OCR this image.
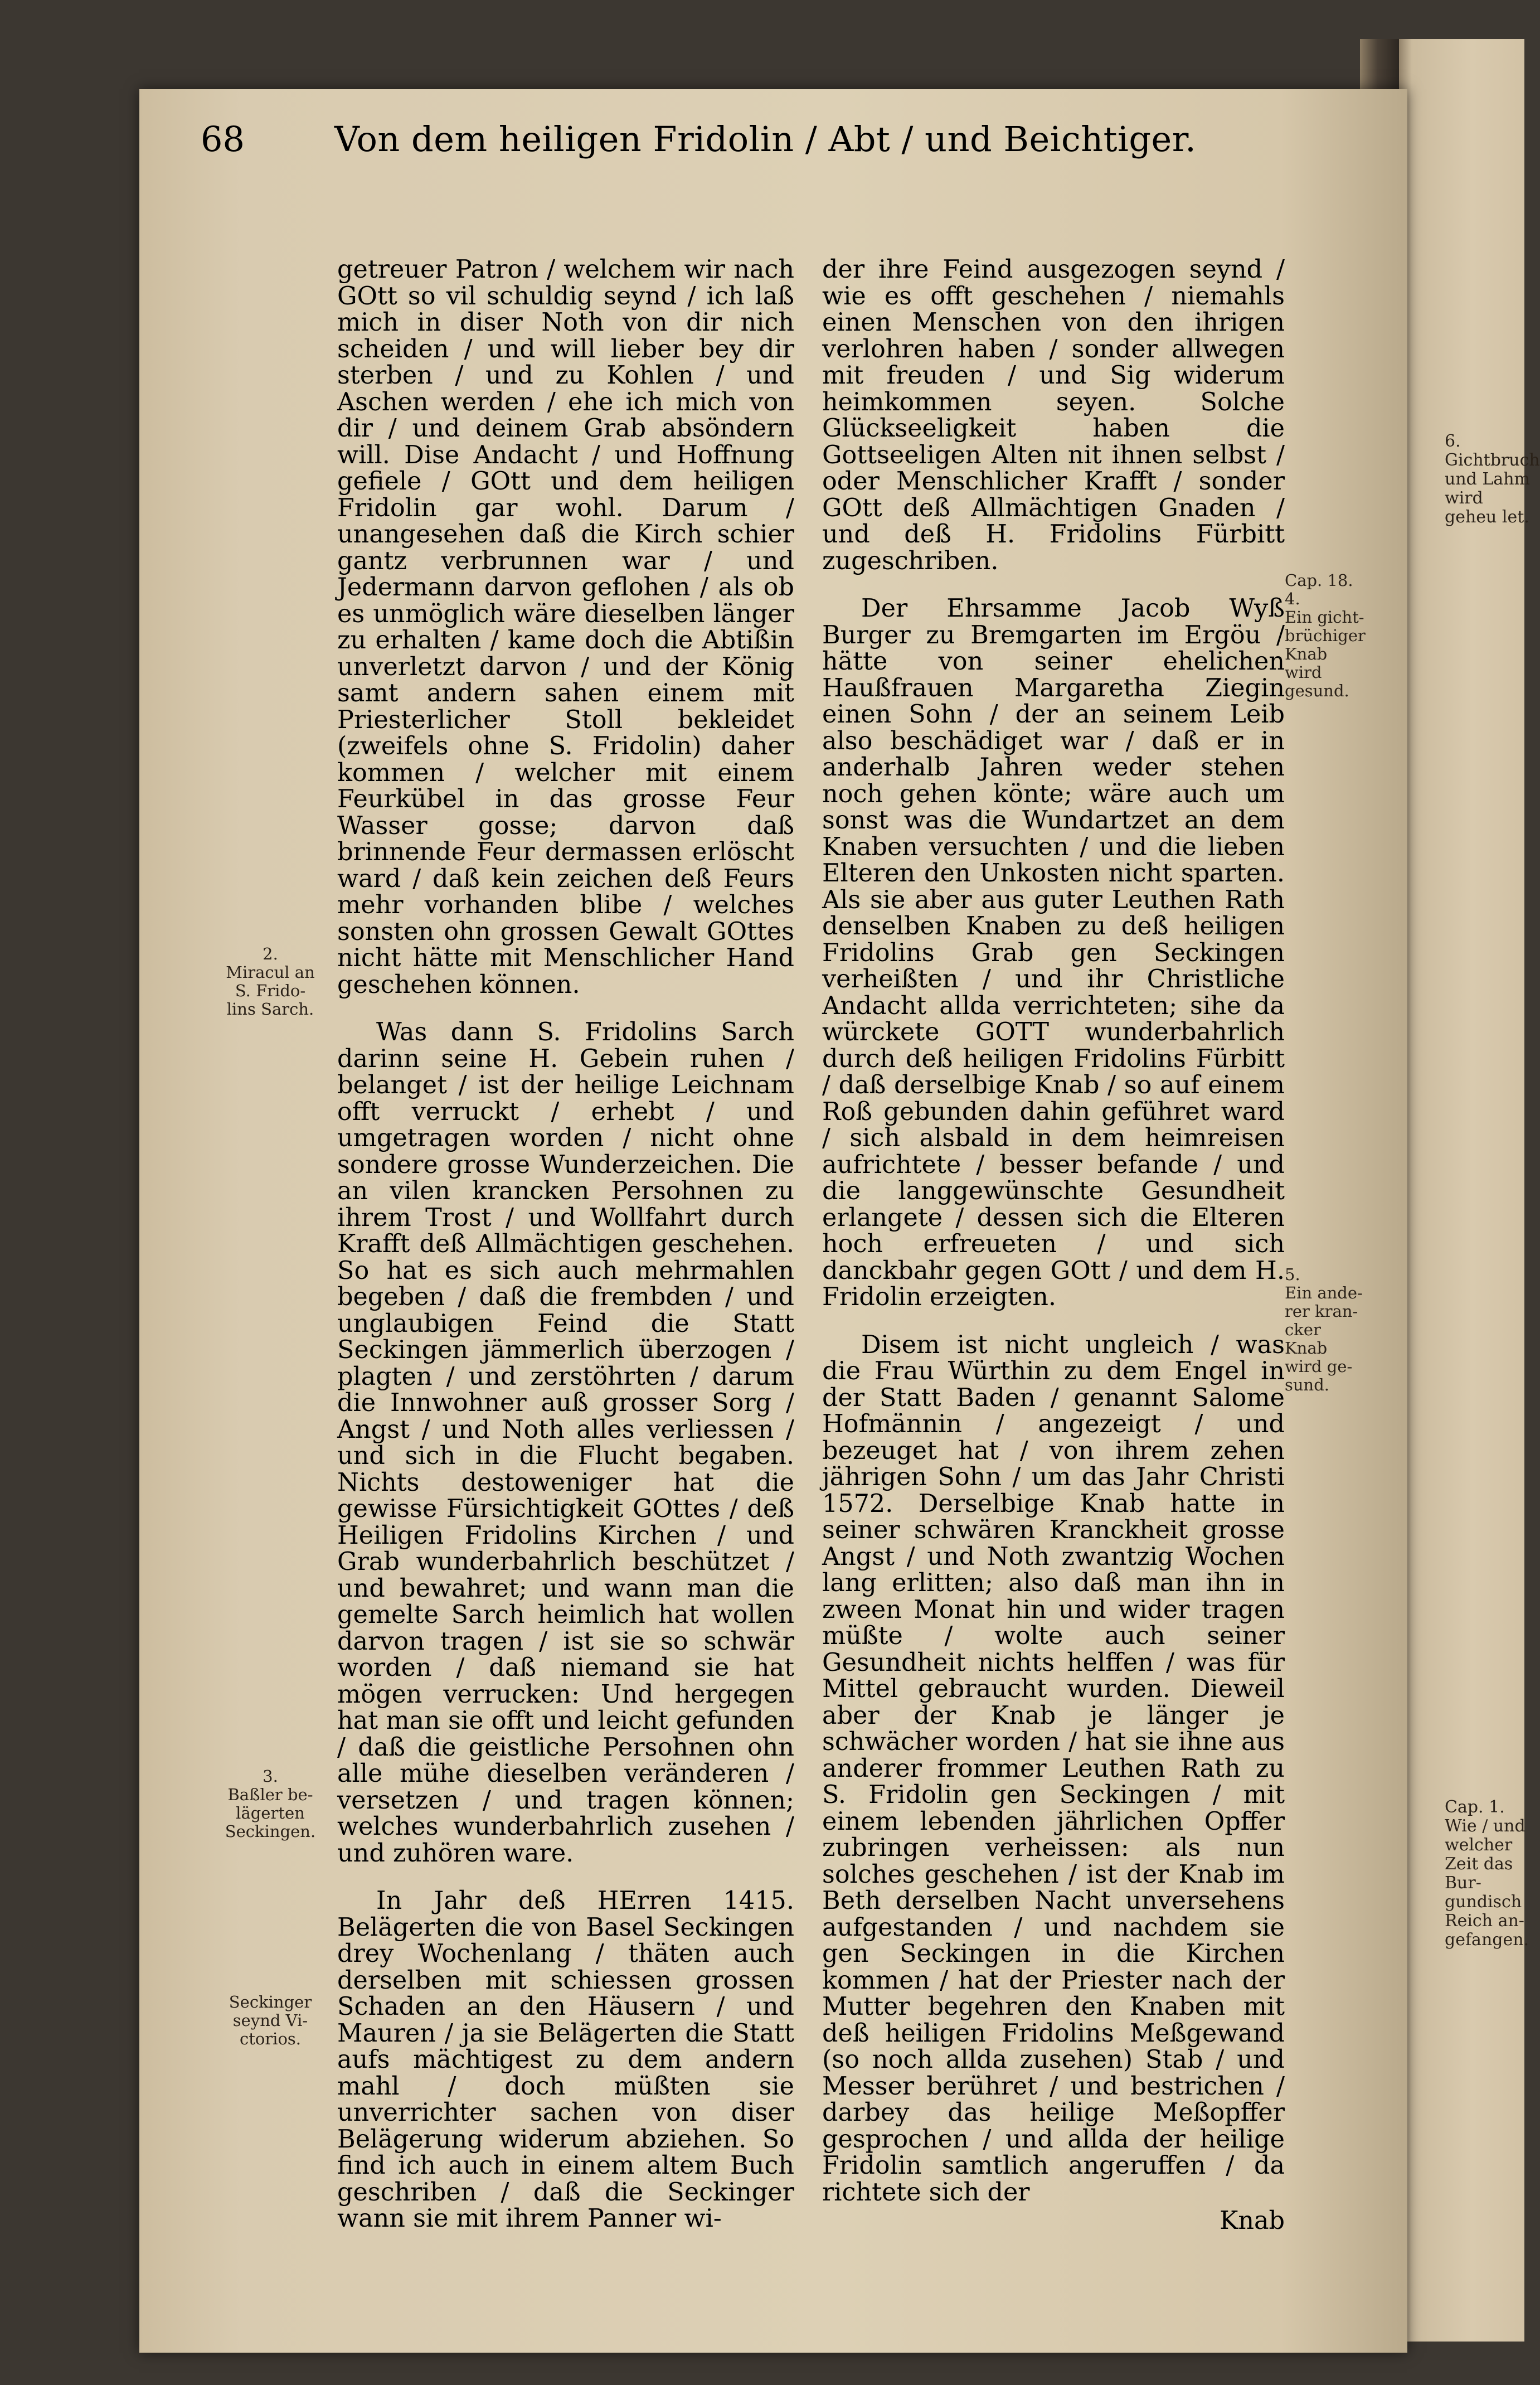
6. Gichtbruch und Lahm wird geheu let.
Cap. 1. Wie / und welcher Zeit das Bur- gundisch Reich an- gefangen.
68	Von dem heiligen Fridolin / Abt / und Beichtiger.
2.
Miracul an
S. Frido-
lins Sarch.
3.
Baßler be-
lägerten
Seckingen.
Seckinger
seynd Vi-
ctorios.
Cap. 18.
4.
Ein gicht-
brüchiger
Knab wird
gesund.
5.
Ein ande-
rer kran-
cker Knab
wird ge-
sund.

getreuer Patron / welchem wir nach GOtt so vil schuldig seynd / ich laß mich in diser Noth von dir nich scheiden / und will lieber bey dir sterben / und zu Kohlen / und Aschen werden / ehe ich mich von dir / und deinem Grab absöndern will. Dise Andacht / und Hoffnung gefiele / GOtt und dem heiligen Fridolin gar wohl. Darum / unangesehen daß die Kirch schier gantz verbrunnen war / und Jedermann darvon geflohen / als ob es unmöglich wäre dieselben länger zu erhalten / kame doch die Abtißin unverletzt darvon / und der König samt andern sahen einem mit Priesterlicher Stoll bekleidet (zweifels ohne S. Fridolin) daher kommen / welcher mit einem Feurkübel in das grosse Feur Wasser gosse; darvon daß brinnende Feur dermassen erlöscht ward / daß kein zeichen deß Feurs mehr vorhanden blibe / welches sonsten ohn grossen Gewalt GOttes nicht hätte mit Menschlicher Hand geschehen können.

Was dann S. Fridolins Sarch darinn seine H. Gebein ruhen / belanget / ist der heilige Leichnam offt verruckt / erhebt / und umgetragen worden / nicht ohne sondere grosse Wunderzeichen. Die an vilen krancken Persohnen zu ihrem Trost / und Wollfahrt durch Krafft deß Allmächtigen geschehen. So hat es sich auch mehrmahlen begeben / daß die frembden / und unglaubigen Feind die Statt Seckingen jämmerlich überzogen / plagten / und zerstöhrten / darum die Innwohner auß grosser Sorg / Angst / und Noth alles verliessen / und sich in die Flucht begaben. Nichts destoweniger hat die gewisse Fürsichtigkeit GOttes / deß Heiligen Fridolins Kirchen / und Grab wunderbahrlich beschützet / und bewahret; und wann man die gemelte Sarch heimlich hat wollen darvon tragen / ist sie so schwär worden / daß niemand sie hat mögen verrucken: Und hergegen hat man sie offt und leicht gefunden / daß die geistliche Persohnen ohn alle mühe dieselben veränderen / versetzen / und tragen können; welches wunderbahrlich zusehen / und zuhören ware.

In Jahr deß HErren 1415. Belägerten die von Basel Seckingen drey Wochenlang / thäten auch derselben mit schiessen grossen Schaden an den Häusern / und Mauren / ja sie Belägerten die Statt aufs mächtigest zu dem andern mahl / doch müßten sie unverrichter sachen von diser Belägerung widerum abziehen. So find ich auch in einem altem Buch geschriben / daß die Seckinger wann sie mit ihrem Panner wi-

der ihre Feind ausgezogen seynd / wie es offt geschehen / niemahls einen Menschen von den ihrigen verlohren haben / sonder allwegen mit freuden / und Sig widerum heimkommen seyen. Solche Glückseeligkeit haben die Gottseeligen Alten nit ihnen selbst / oder Menschlicher Krafft / sonder GOtt deß Allmächtigen Gnaden / und deß H. Fridolins Fürbitt zugeschriben.

Der Ehrsamme Jacob Wyß Burger zu Bremgarten im Ergöu / hätte von seiner ehelichen Haußfrauen Margaretha Ziegin einen Sohn / der an seinem Leib also beschädiget war / daß er in anderhalb Jahren weder stehen noch gehen könte; wäre auch um sonst was die Wundartzet an dem Knaben versuchten / und die lieben Elteren den Unkosten nicht sparten. Als sie aber aus guter Leuthen Rath denselben Knaben zu deß heiligen Fridolins Grab gen Seckingen verheißten / und ihr Christliche Andacht allda verrichteten; sihe da würckete GOTT wunderbahrlich durch deß heiligen Fridolins Fürbitt / daß derselbige Knab / so auf einem Roß gebunden dahin geführet ward / sich alsbald in dem heimreisen aufrichtete / besser befande / und die langgewünschte Gesundheit erlangete / dessen sich die Elteren hoch erfreueten / und sich danckbahr gegen GOtt / und dem H. Fridolin erzeigten.

Disem ist nicht ungleich / was die Frau Würthin zu dem Engel in der Statt Baden / genannt Salome Hofmännin / angezeigt / und bezeuget hat / von ihrem zehen jährigen Sohn / um das Jahr Christi 1572. Derselbige Knab hatte in seiner schwären Kranckheit grosse Angst / und Noth zwantzig Wochen lang erlitten; also daß man ihn in zween Monat hin und wider tragen müßte / wolte auch seiner Gesundheit nichts helffen / was für Mittel gebraucht wurden. Dieweil aber der Knab je länger je schwächer worden / hat sie ihne aus anderer frommer Leuthen Rath zu S. Fridolin gen Seckingen / mit einem lebenden jährlichen Opffer zubringen verheissen: als nun solches geschehen / ist der Knab im Beth derselben Nacht unversehens aufgestanden / und nachdem sie gen Seckingen in die Kirchen kommen / hat der Priester nach der Mutter begehren den Knaben mit deß heiligen Fridolins Meßgewand (so noch allda zusehen) Stab / und Messer berühret / und bestrichen / darbey das heilige Meßopffer gesprochen / und allda der heilige Fridolin samtlich angeruffen / da richtete sich der

Knab
